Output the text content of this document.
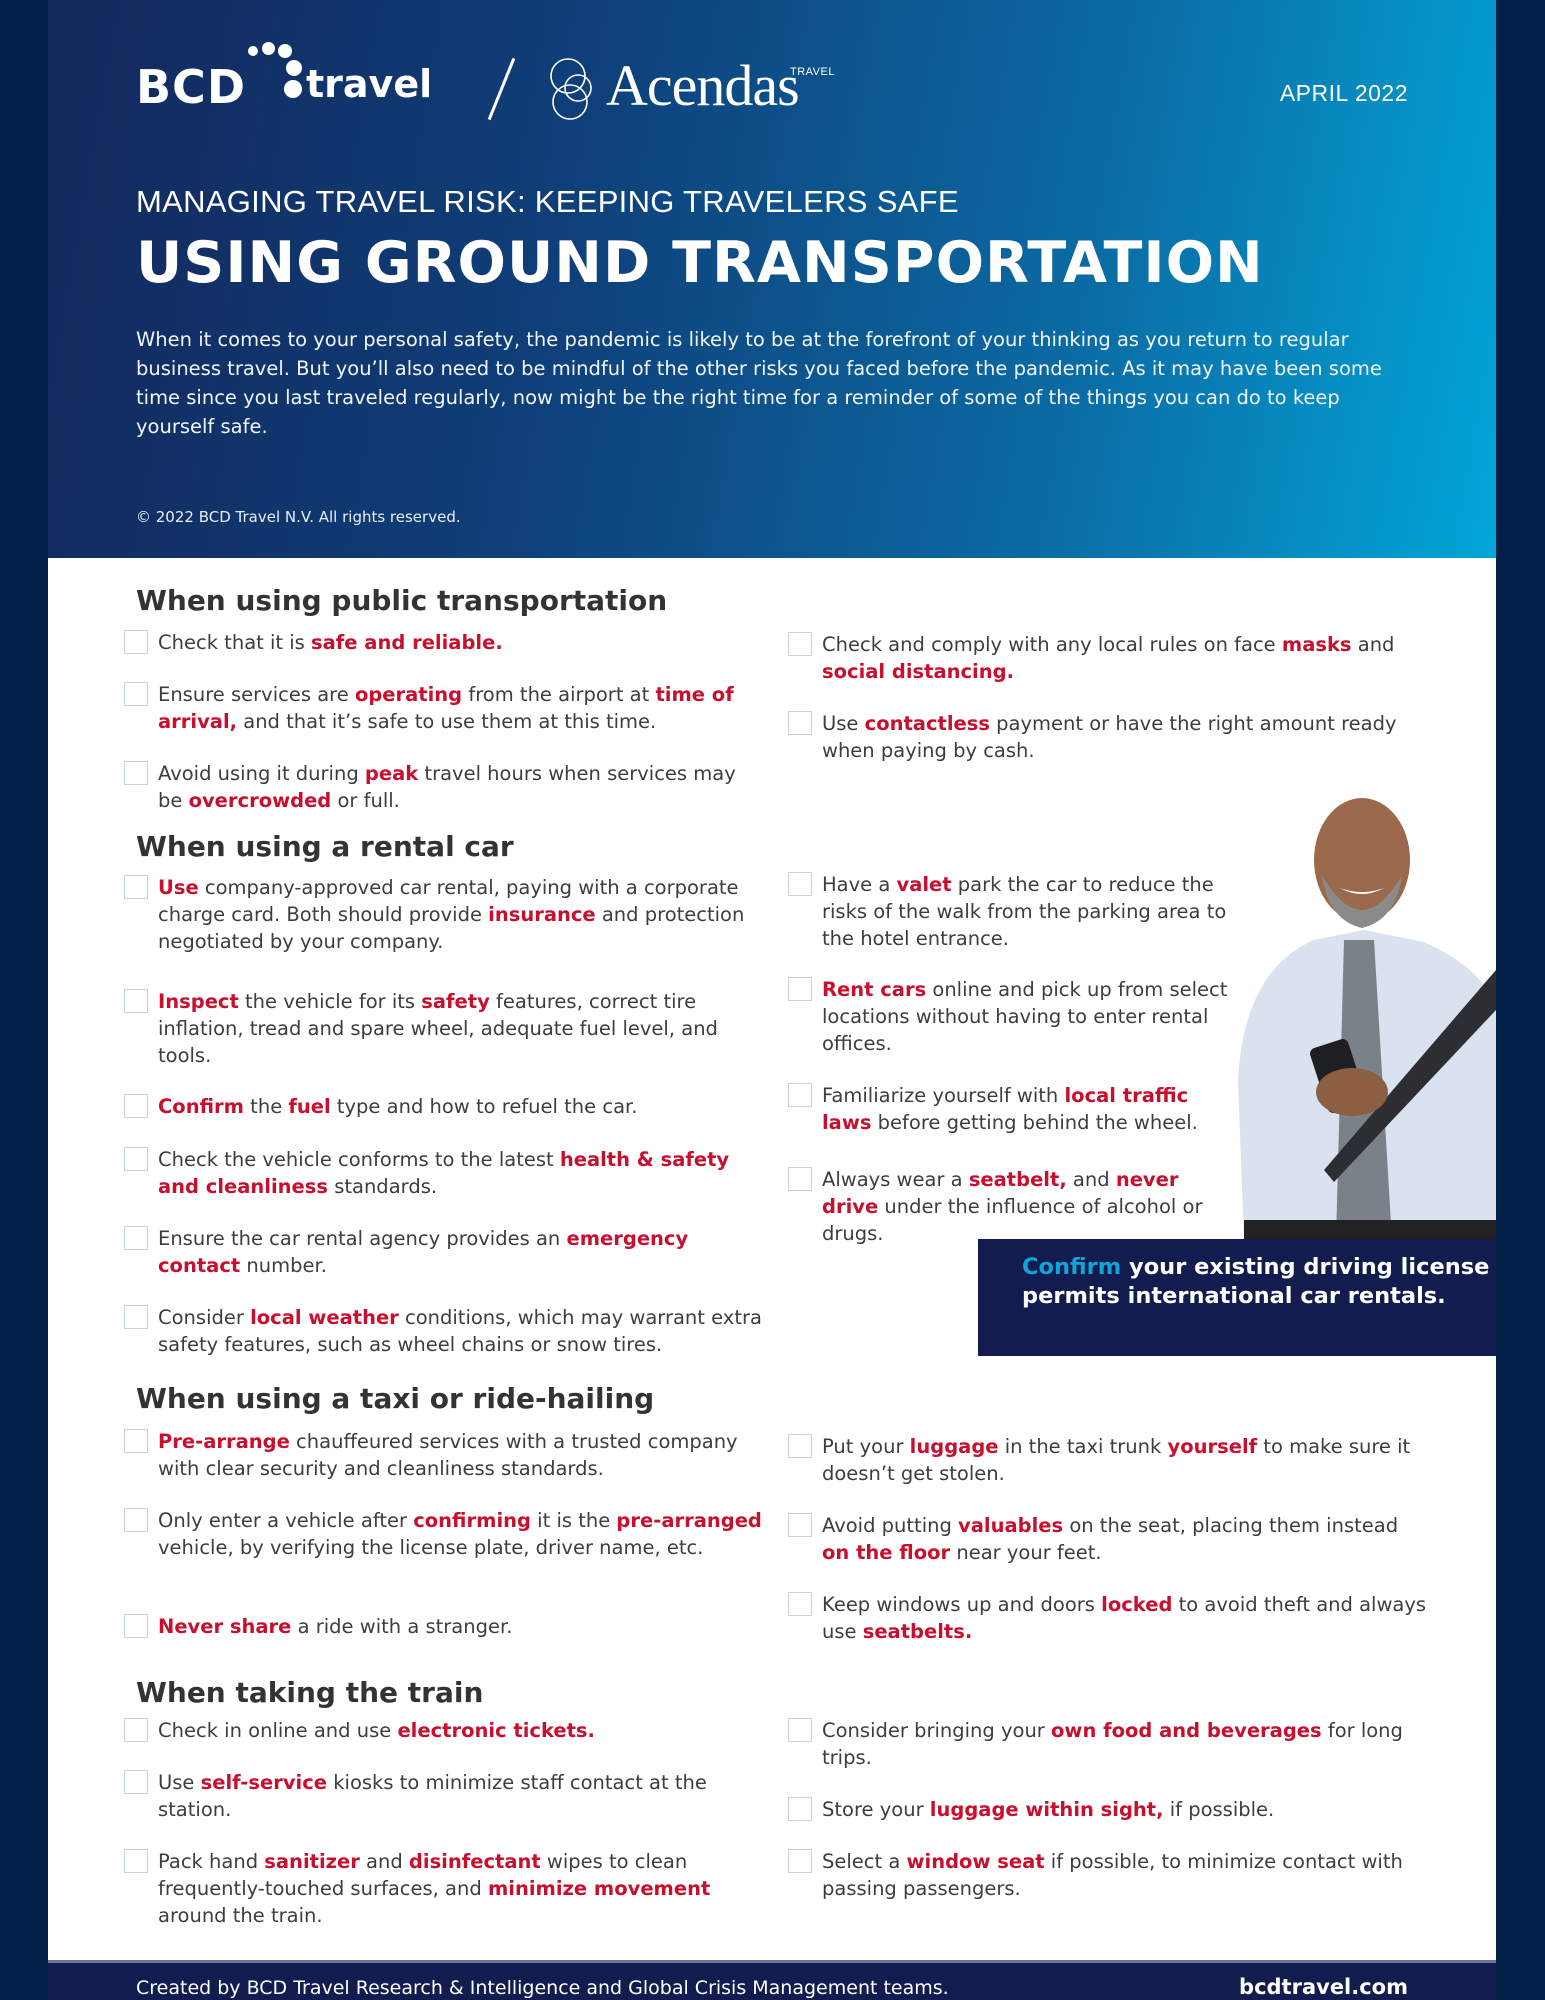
BCD travel	Acendas
TRAVEL
APRIL 2022
MANAGING TRAVEL RISK: KEEPING TRAVELERS SAFE
USING GROUND TRANSPORTATION

When it comes to your personal safety, the pandemic is likely to be at the forefront of your thinking as you return to regular business travel. But you’ll also need to be mindful of the other risks you faced before the pandemic. As it may have been some time since you last traveled regularly, now might be the right time for a reminder of some of the things you can do to keep yourself safe.

© 2022 BCD Travel N.V. All rights reserved.
When using public transportation
When using a rental car
Confirm your existing driving license permits international car rentals.
When using a taxi or ride-hailing
When taking the train
Created by BCD Travel Research & Intelligence and Global Crisis Management teams.	bcdtravel.com
Check that it is safe and reliable.
Ensure services are operating from the airport at time of arrival, and that it’s safe to use them at this time.
Avoid using it during peak travel hours when services may be overcrowded or full.
Check and comply with any local rules on face masks and social distancing.
Use contactless payment or have the right amount ready when paying by cash.
Use company-approved car rental, paying with a corporate charge card. Both should provide insurance and protection negotiated by your company.
Inspect the vehicle for its safety features, correct tire inflation, tread and spare wheel, adequate fuel level, and tools.
Confirm the fuel type and how to refuel the car.
Check the vehicle conforms to the latest health & safety and cleanliness standards.
Ensure the car rental agency provides an emergency contact number.
Consider local weather conditions, which may warrant extra safety features, such as wheel chains or snow tires.
Have a valet park the car to reduce the risks of the walk from the parking area to the hotel entrance.
Rent cars online and pick up from select locations without having to enter rental offices.
Familiarize yourself with local traffic laws before getting behind the wheel.
Always wear a seatbelt, and never drive under the influence of alcohol or drugs.
Pre-arrange chauffeured services with a trusted company with clear security and cleanliness standards.
Only enter a vehicle after confirming it is the pre-arranged vehicle, by verifying the license plate, driver name, etc.
Never share a ride with a stranger.
Put your luggage in the taxi trunk yourself to make sure it doesn’t get stolen.
Avoid putting valuables on the seat, placing them instead on the floor near your feet.
Keep windows up and doors locked to avoid theft and always use seatbelts.
Check in online and use electronic tickets.
Use self-service kiosks to minimize staff contact at the station.
Pack hand sanitizer and disinfectant wipes to clean frequently-touched surfaces, and minimize movement around the train.
Consider bringing your own food and beverages for long trips.
Store your luggage within sight, if possible.
Select a window seat if possible, to minimize contact with passing passengers.
